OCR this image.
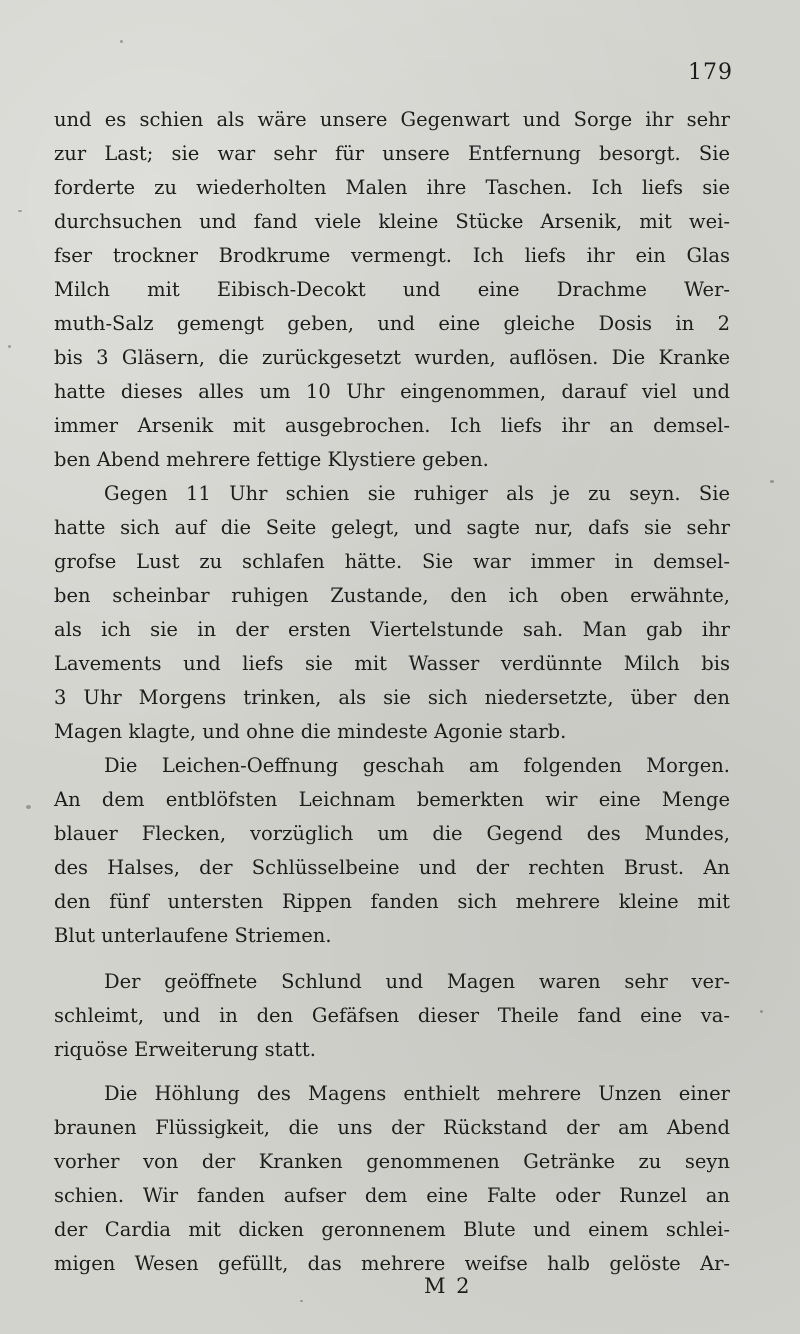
179
und es schien als wäre unsere Gegenwart und Sorge ihr sehr
zur Last; sie war sehr für unsere Entfernung besorgt. Sie
forderte zu wiederholten Malen ihre Taschen. Ich liefs sie
durchsuchen und fand viele kleine Stücke Arsenik, mit wei-
fser trockner Brodkrume vermengt. Ich liefs ihr ein Glas
Milch mit Eibisch-Decokt und eine Drachme Wer-
muth-Salz gemengt geben, und eine gleiche Dosis in 2
bis 3 Gläsern, die zurückgesetzt wurden, auflösen. Die Kranke
hatte dieses alles um 10 Uhr eingenommen, darauf viel und
immer Arsenik mit ausgebrochen. Ich liefs ihr an demsel-
ben Abend mehrere fettige Klystiere geben.
Gegen 11 Uhr schien sie ruhiger als je zu seyn. Sie
hatte sich auf die Seite gelegt, und sagte nur, dafs sie sehr
grofse Lust zu schlafen hätte. Sie war immer in demsel-
ben scheinbar ruhigen Zustande, den ich oben erwähnte,
als ich sie in der ersten Viertelstunde sah. Man gab ihr
Lavements und liefs sie mit Wasser verdünnte Milch bis
3 Uhr Morgens trinken, als sie sich niedersetzte, über den
Magen klagte, und ohne die mindeste Agonie starb.
Die Leichen-Oeffnung geschah am folgenden Morgen.
An dem entblöfsten Leichnam bemerkten wir eine Menge
blauer Flecken, vorzüglich um die Gegend des Mundes,
des Halses, der Schlüsselbeine und der rechten Brust. An
den fünf untersten Rippen fanden sich mehrere kleine mit
Blut unterlaufene Striemen.
Der geöffnete Schlund und Magen waren sehr ver-
schleimt, und in den Gefäfsen dieser Theile fand eine va-
riquöse Erweiterung statt.
Die Höhlung des Magens enthielt mehrere Unzen einer
braunen Flüssigkeit, die uns der Rückstand der am Abend
vorher von der Kranken genommenen Getränke zu seyn
schien. Wir fanden aufser dem eine Falte oder Runzel an
der Cardia mit dicken geronnenem Blute und einem schlei-
migen Wesen gefüllt, das mehrere weifse halb gelöste Ar-
M 2
